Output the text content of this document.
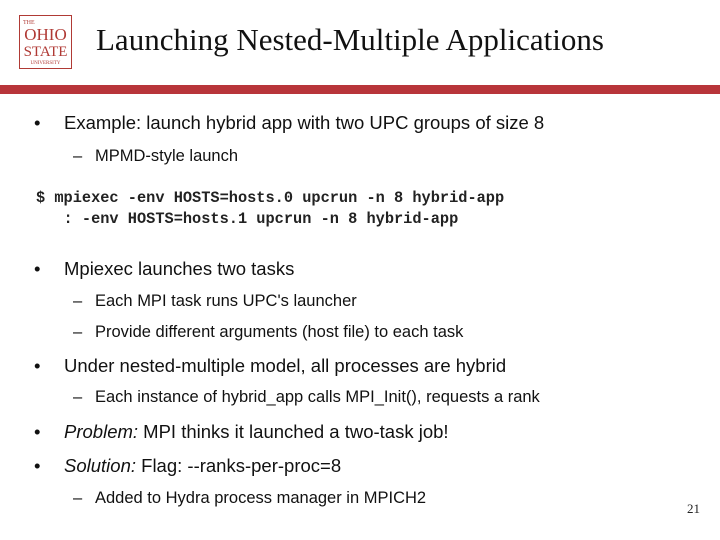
THE
OHIO
STATE
UNIVERSITY
Launching Nested-Multiple Applications
• Example: launch hybrid app with two UPC groups of size 8
– MPMD-style launch
$ mpiexec -env HOSTS=hosts.0 upcrun -n 8 hybrid-app
: -env HOSTS=hosts.1 upcrun -n 8 hybrid-app
• Mpiexec launches two tasks
– Each MPI task runs UPC's launcher
– Provide different arguments (host file) to each task
• Under nested-multiple model, all processes are hybrid
– Each instance of hybrid_app calls MPI_Init(), requests a rank
• Problem: MPI thinks it launched a two-task job!
• Solution: Flag: --ranks-per-proc=8
– Added to Hydra process manager in MPICH2
21
